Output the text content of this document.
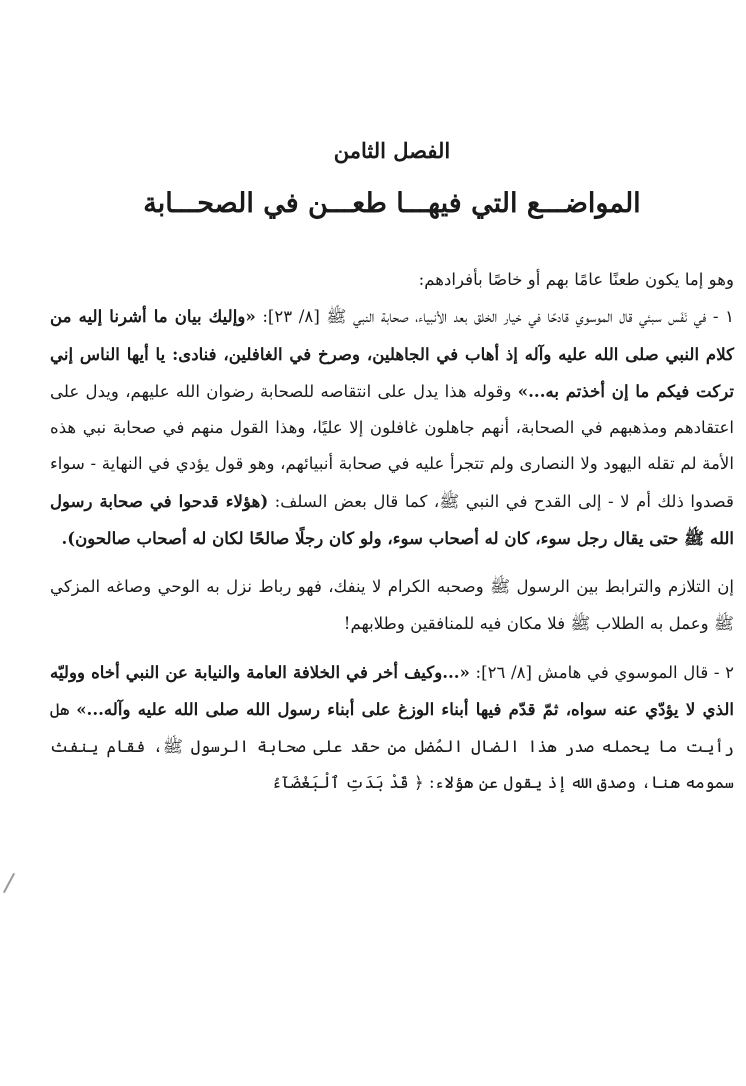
الفصل الثامن
المواضـــع التي فيهـــا طعـــن في الصحـــابة

وهو إما يكون طعنًا عامًا بهم أو خاصًا بأفرادهم:

١ - في نَفَس سبئي قال الموسوي قادحًا في خيار الخلق بعد الأنبياء، صحابة النبي ﷺ [٨/ ٢٣]: «وإليك بيان ما أشرنا إليه من كلام النبي صلى الله عليه وآله إذ أهاب في الجاهلين، وصرخ في الغافلين، فنادى: يا أيها الناس إني تركت فيكم ما إن أخذتم به...» وقوله هذا يدل على انتقاصه للصحابة رضوان الله عليهم، ويدل على اعتقادهم ومذهبهم في الصحابة، أنهم جاهلون غافلون إلا عليًا، وهذا القول منهم في صحابة نبي هذه الأمة لم تقله اليهود ولا النصارى ولم تتجرأ عليه في صحابة أنبيائهم، وهو قول يؤدي في النهاية - سواء قصدوا ذلك أم لا - إلى القدح في النبي ﷺ، كما قال بعض السلف: (هؤلاء قدحوا في صحابة رسول الله ﷺ حتى يقال رجل سوء، كان له أصحاب سوء، ولو كان رجلًا صالحًا لكان له أصحاب صالحون).

إن التلازم والترابط بين الرسول ﷺ وصحبه الكرام لا ينفك، فهو رباط نزل به الوحي وصاغه المزكي ﷺ وعمل به الطلاب ﷺ فلا مكان فيه للمنافقين وطلابهم!

٢ - قال الموسوي في هامش [٨/ ٢٦]: «...وكيف أخر في الخلافة العامة والنيابة عن النبي أخاه ووليّه الذي لا يؤدّي عنه سواه، ثمّ قدّم فيها أبناء الوزغ على أبناء رسول الله صلى الله عليه وآله...» هل رأيت ما يحمله صدر هذا الضال المُضل من حقد على صحابة الرسول ﷺ، فقام ينفث سمومه هنا، وصدق الله إذ يقول عن هؤلاء: ﴿ قَدْ بَدَتِ ٱلْبَغْضَآءُ
